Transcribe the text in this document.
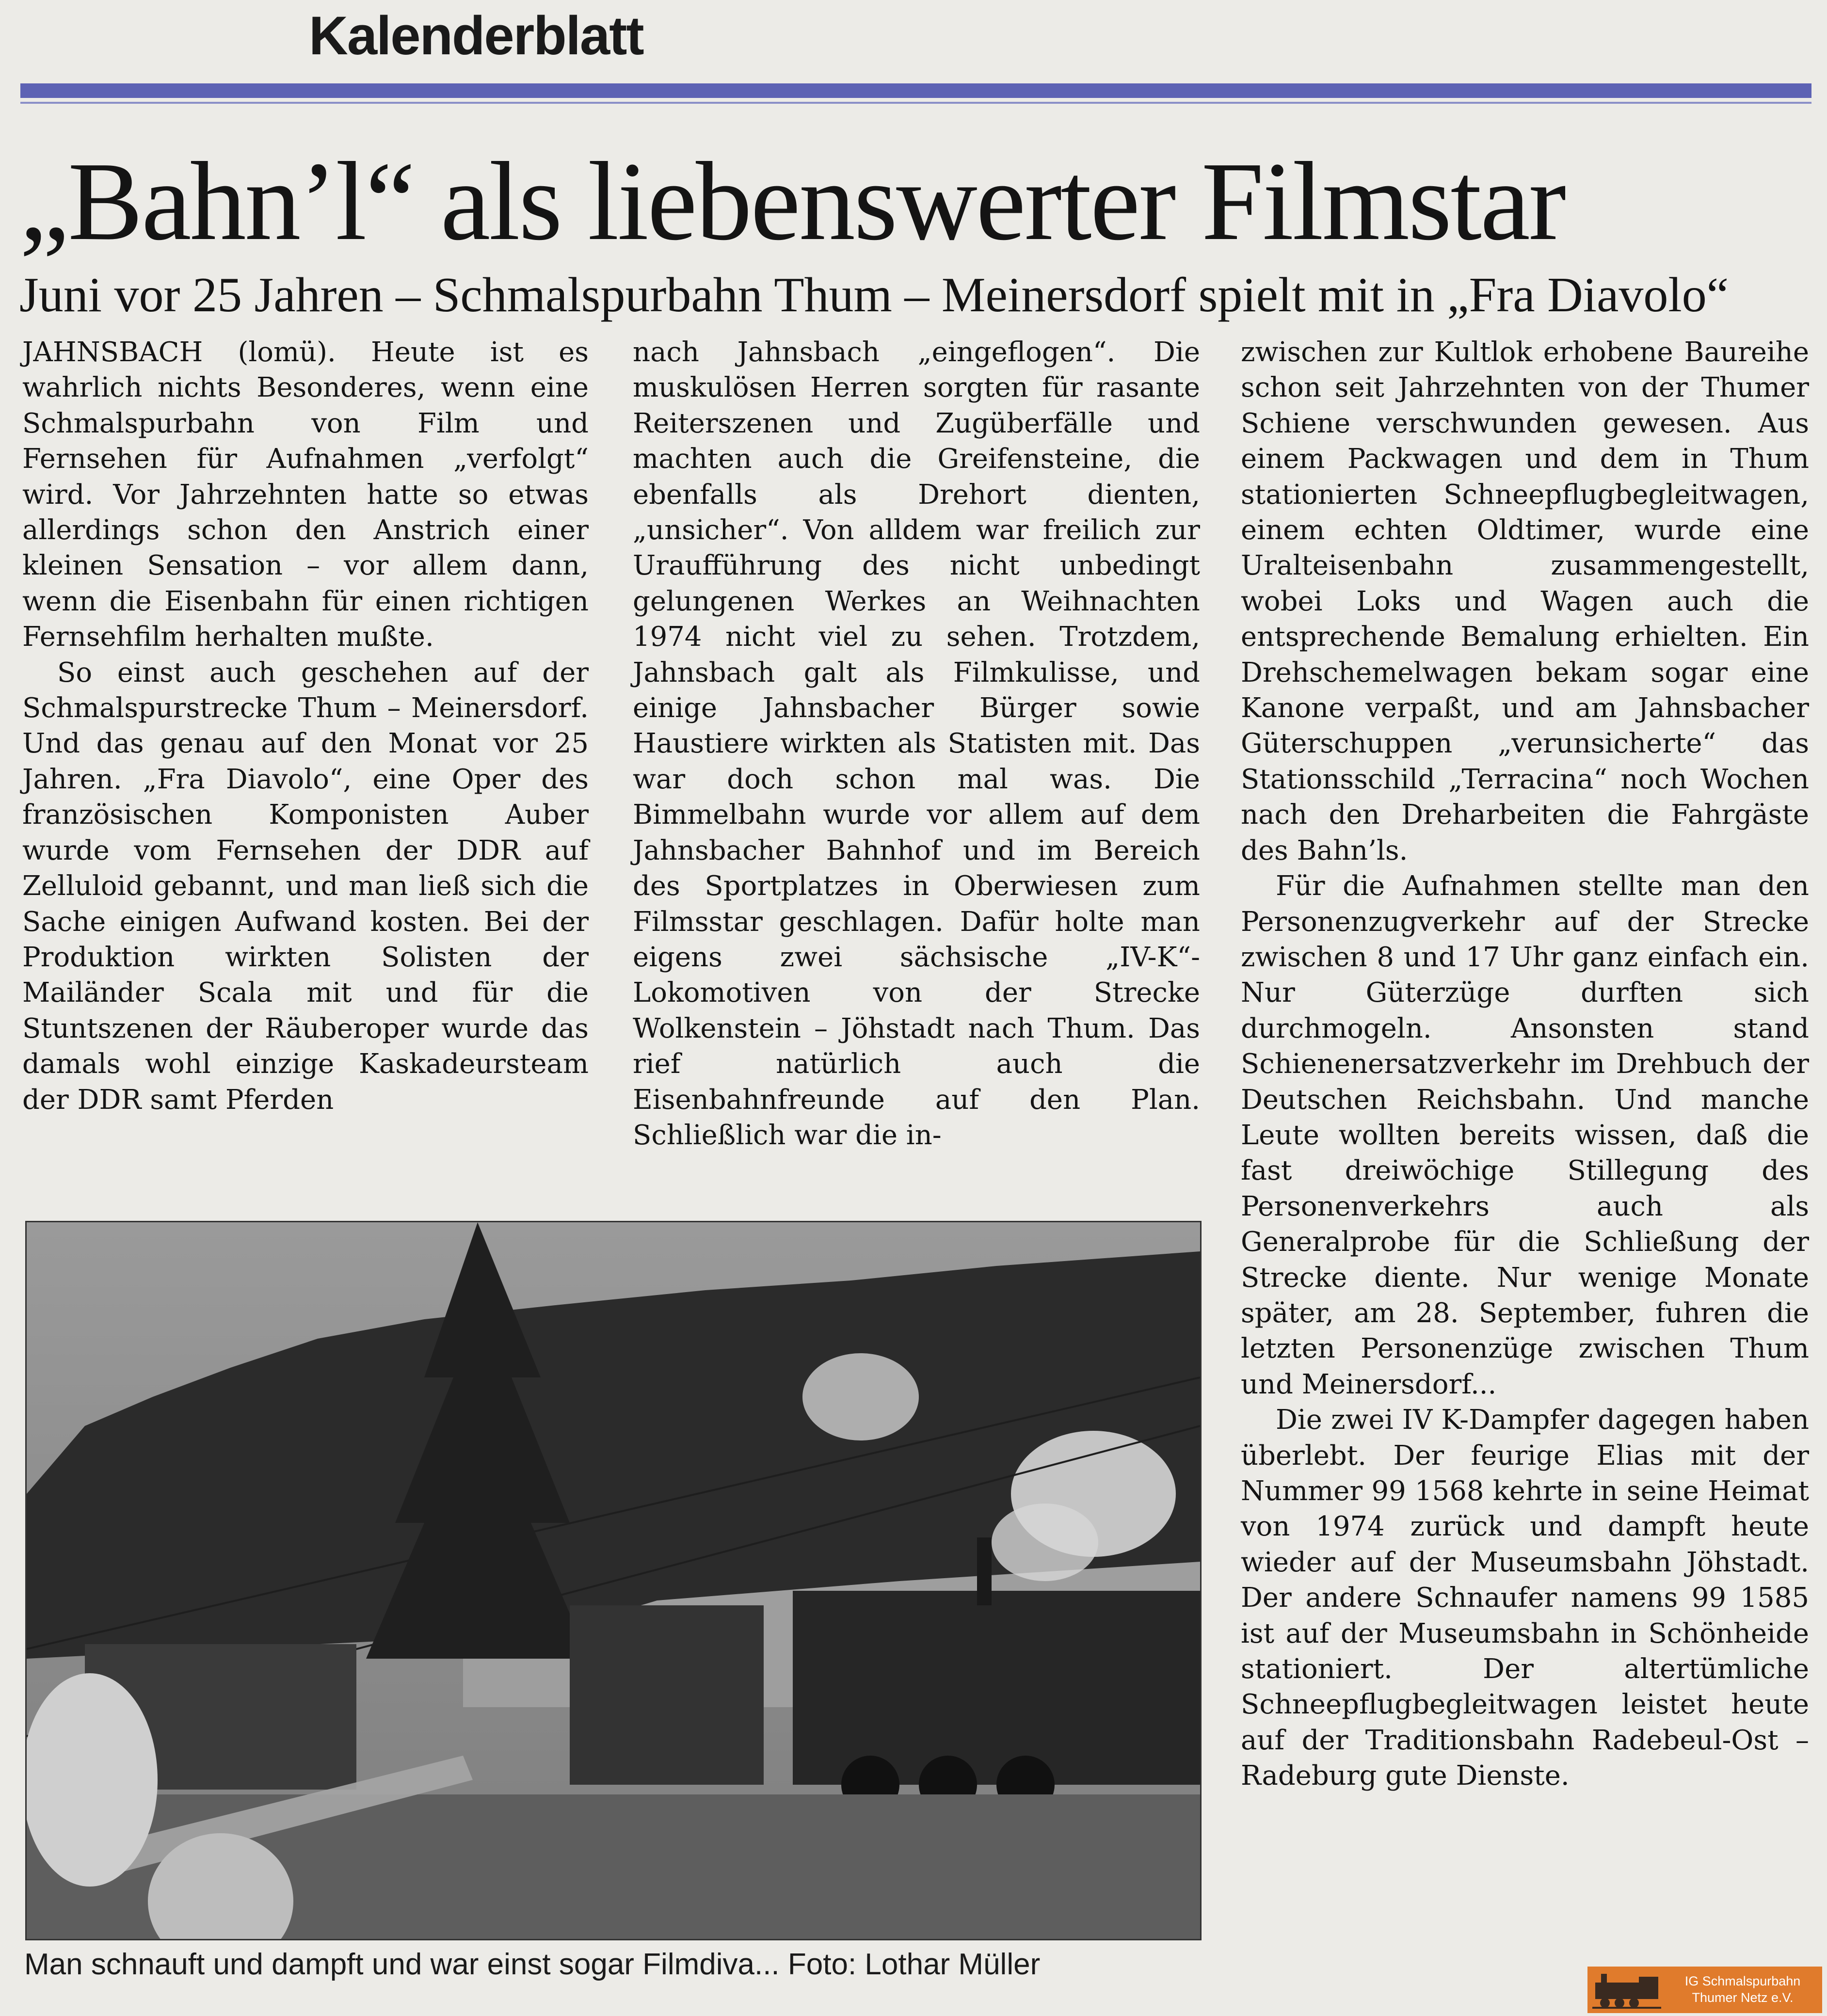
Kalenderblatt
„Bahn’l“ als liebenswerter Filmstar
Juni vor 25 Jahren – Schmalspurbahn Thum – Meinersdorf spielt mit in „Fra Diavolo“

JAHNSBACH (lomü). Heute ist es wahrlich nichts Besonderes, wenn eine Schmalspurbahn von Film und Fernsehen für Aufnahmen „verfolgt“ wird. Vor Jahrzehnten hatte so etwas allerdings schon den Anstrich einer kleinen Sensation – vor allem dann, wenn die Eisenbahn für einen richtigen Fernsehfilm herhalten mußte.

So einst auch geschehen auf der Schmalspurstrecke Thum – Meinersdorf. Und das genau auf den Monat vor 25 Jahren. „Fra Diavolo“, eine Oper des französischen Komponisten Auber wurde vom Fernsehen der DDR auf Zelluloid gebannt, und man ließ sich die Sache einigen Aufwand kosten. Bei der Produktion wirkten Solisten der Mailänder Scala mit und für die Stuntszenen der Räuberoper wurde das damals wohl einzige Kaskadeursteam der DDR samt Pferden

nach Jahnsbach „eingeflogen“. Die muskulösen Herren sorgten für rasante Reiterszenen und Zugüberfälle und machten auch die Greifensteine, die ebenfalls als Drehort dienten, „unsicher“. Von alldem war freilich zur Uraufführung des nicht unbedingt gelungenen Werkes an Weihnachten 1974 nicht viel zu sehen. Trotzdem, Jahnsbach galt als Filmkulisse, und einige Jahnsbacher Bürger sowie Haustiere wirkten als Statisten mit. Das war doch schon mal was. Die Bimmelbahn wurde vor allem auf dem Jahnsbacher Bahnhof und im Bereich des Sportplatzes in Oberwiesen zum Filmsstar geschlagen. Dafür holte man eigens zwei sächsische „IV-K“-Lokomotiven von der Strecke Wolkenstein – Jöhstadt nach Thum. Das rief natürlich auch die Eisenbahnfreunde auf den Plan. Schließlich war die in-

zwischen zur Kultlok erhobene Baureihe schon seit Jahrzehnten von der Thumer Schiene verschwunden gewesen. Aus einem Packwagen und dem in Thum stationierten Schneepflugbegleitwagen, einem echten Oldtimer, wurde eine Uralteisenbahn zusammengestellt, wobei Loks und Wagen auch die entsprechende Bemalung erhielten. Ein Drehschemelwagen bekam sogar eine Kanone verpaßt, und am Jahnsbacher Güterschuppen „verunsicherte“ das Stationsschild „Terracina“ noch Wochen nach den Dreharbeiten die Fahrgäste des Bahn’ls.

Für die Aufnahmen stellte man den Personenzugverkehr auf der Strecke zwischen 8 und 17 Uhr ganz einfach ein. Nur Güterzüge durften sich durchmogeln. Ansonsten stand Schienenersatzverkehr im Drehbuch der Deutschen Reichsbahn. Und manche Leute wollten bereits wissen, daß die fast dreiwöchige Stillegung des Personenverkehrs auch als Generalprobe für die Schließung der Strecke diente. Nur wenige Monate später, am 28. September, fuhren die letzten Personenzüge zwischen Thum und Meinersdorf...

Die zwei IV K-Dampfer dagegen haben überlebt. Der feurige Elias mit der Nummer 99 1568 kehrte in seine Heimat von 1974 zurück und dampft heute wieder auf der Museumsbahn Jöhstadt. Der andere Schnaufer namens 99 1585 ist auf der Museumsbahn in Schönheide stationiert. Der altertümliche Schneepflugbegleitwagen leistet heute auf der Traditionsbahn Radebeul-Ost – Radeburg gute Dienste.

Man schnauft und dampft und war einst sogar Filmdiva... Foto: Lothar Müller
IG Schmalspurbahn
Thumer Netz e.V.
